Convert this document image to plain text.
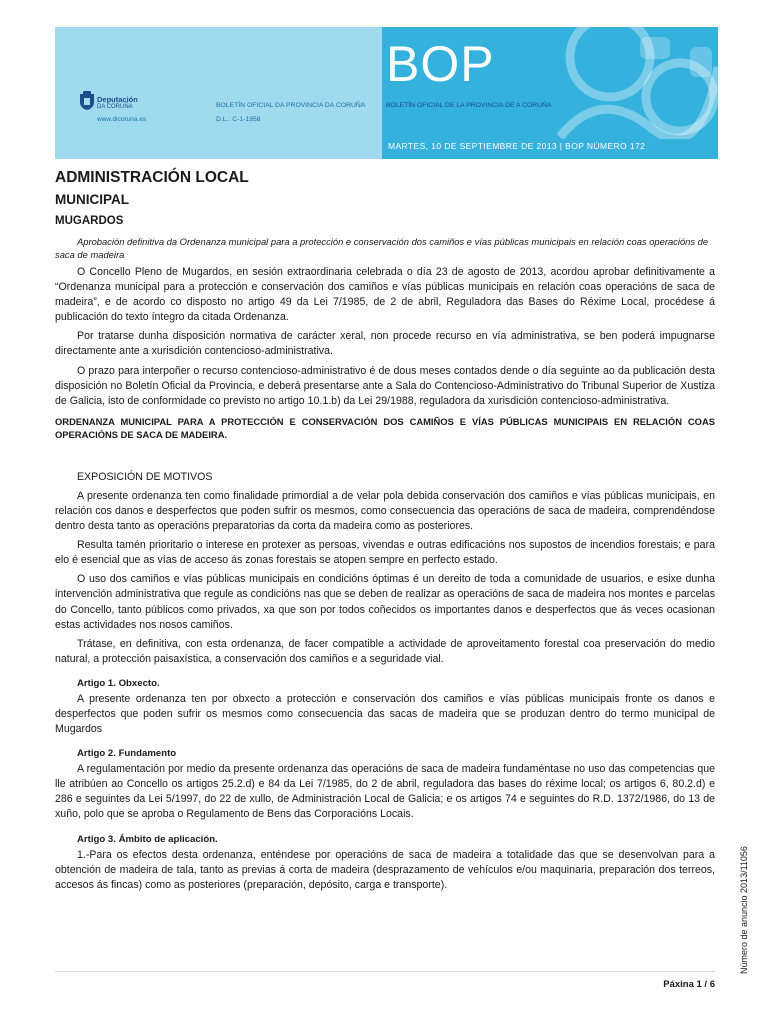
BOP
MARTES, 10 DE SEPTIEMBRE DE 2013 | BOP NÚMERO 172
Deputación
DA CORUÑA
www.dicoruna.es
BOLETÍN OFICIAL DA PROVINCIA DA CORUÑA	BOLETÍN OFICIAL DE LA PROVINCIA DE A CORUÑA
D.L.: C-1-1958
ADMINISTRACIÓN LOCAL
MUNICIPAL
MUGARDOS
Aprobación definitiva da Ordenanza municipal para a protección e conservación dos camiños e vías públicas municipais en relación coas operacións de saca de madeira

O Concello Pleno de Mugardos, en sesión extraordinaria celebrada o día 23 de agosto de 2013, acordou aprobar definitivamente a “Ordenanza municipal para a protección e conservación dos camiños e vías públicas municipais en relación coas operacións de saca de madeira”, e de acordo co disposto no artigo 49 da Lei 7/1985, de 2 de abril, Reguladora das Bases do Réxime Local, procédese á publicación do texto íntegro da citada Ordenanza.

Por tratarse dunha disposición normativa de carácter xeral, non procede recurso en vía administrativa, se ben poderá impugnarse directamente ante a xurisdición contencioso-administrativa.

O prazo para interpoñer o recurso contencioso-administrativo é de dous meses contados dende o día seguinte ao da publicación desta disposición no Boletín Oficial da Provincia, e deberá presentarse ante a Sala do Contencioso-Administrativo do Tribunal Superior de Xustiza de Galicia, isto de conformidade co previsto no artigo 10.1.b) da Lei 29/1988, reguladora da xurisdición contencioso-administrativa.

ORDENANZA MUNICIPAL PARA A PROTECCIÓN E CONSERVACIÓN DOS CAMIÑOS E VÍAS PÚBLICAS MUNICIPAIS EN RELACIÓN COAS OPERACIÓNS DE SACA DE MADEIRA.
EXPOSICIÓN DE MOTIVOS

A presente ordenanza ten como finalidade primordial a de velar pola debida conservación dos camiños e vías públicas municipais, en relación cos danos e desperfectos que poden sufrir os mesmos, como consecuencia das operacións de saca de madeira, comprendéndose dentro desta tanto as operacións preparatorias da corta da madeira como as posteriores.

Resulta tamén prioritario o interese en protexer as persoas, vivendas e outras edificacións nos supostos de incendios forestais; e para elo é esencial que as vías de acceso ás zonas forestais se atopen sempre en perfecto estado.

O uso dos camiños e vías públicas municipais en condicións óptimas é un dereito de toda a comunidade de usuarios, e esixe dunha intervención administrativa que regule as condicións nas que se deben de realizar as operacións de saca de madeira nos montes e parcelas do Concello, tanto públicos como privados, xa que son por todos coñecidos os importantes danos e desperfectos que ás veces ocasionan estas actividades nos nosos camiños.

Trátase, en definitiva, con esta ordenanza, de facer compatible a actividade de aproveitamento forestal coa preservación do medio natural, a protección paisaxística, a conservación dos camiños e a seguridade vial.

Artigo 1. Obxecto.

A presente ordenanza ten por obxecto a protección e conservación dos camiños e vías públicas municipais fronte os danos e desperfectos que poden sufrir os mesmos como consecuencia das sacas de madeira que se produzan dentro do termo municipal de Mugardos

Artigo 2. Fundamento

A regulamentación por medio da presente ordenanza das operacións de saca de madeira fundaméntase no uso das competencias que lle atribúen ao Concello os artigos 25.2.d) e 84 da Lei 7/1985, do 2 de abril, reguladora das bases do réxime local; os artigos 6, 80.2.d) e 286 e seguintes da Lei 5/1997, do 22 de xullo, de Administración Local de Galicia; e os artigos 74 e seguintes do R.D. 1372/1986, do 13 de xuño, polo que se aproba o Regulamento de Bens das Corporacións Locais.

Artigo 3. Ámbito de aplicación.

1.-Para os efectos desta ordenanza, enténdese por operacións de saca de madeira a totalidade das que se desenvolvan para a obtención de madeira de tala, tanto as previas á corta de madeira (desprazamento de vehículos e/ou maquinaria, preparación dos terreos, accesos ás fincas) como as posteriores (preparación, depósito, carga e transporte).	Número de anuncio 2013/11056
Páxina 1 / 6
